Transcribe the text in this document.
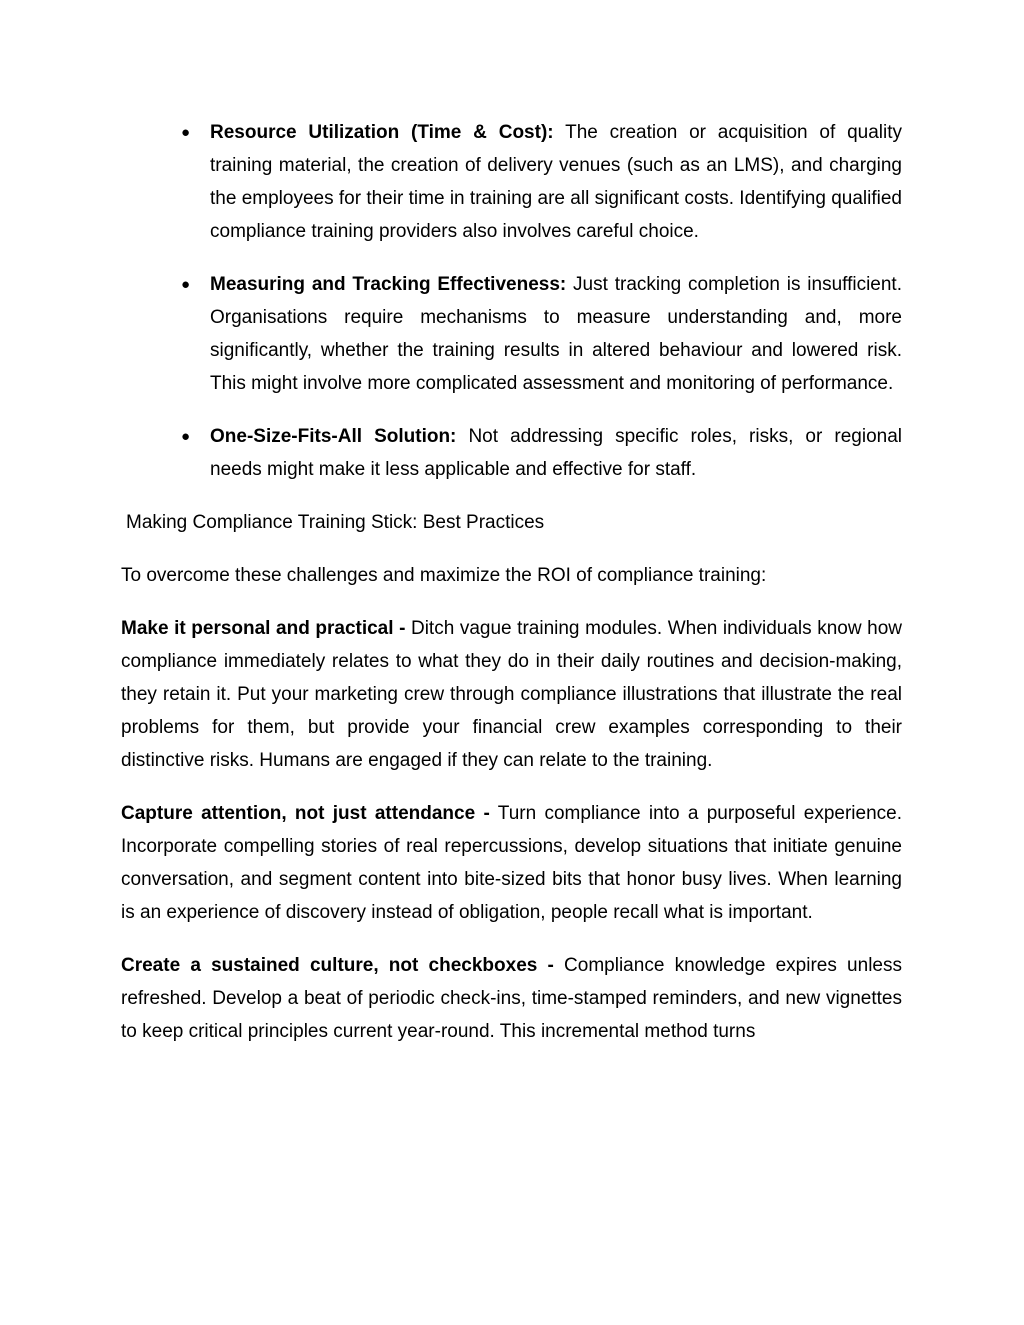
● Resource Utilization (Time & Cost): The creation or acquisition of quality training material, the creation of delivery venues (such as an LMS), and charging the employees for their time in training are all significant costs. Identifying qualified compliance training providers also involves careful choice.
● Measuring and Tracking Effectiveness: Just tracking completion is insufficient. Organisations require mechanisms to measure understanding and, more significantly, whether the training results in altered behaviour and lowered risk. This might involve more complicated assessment and monitoring of performance.
● One-Size-Fits-All Solution: Not addressing specific roles, risks, or regional needs might make it less applicable and effective for staff.

Making Compliance Training Stick: Best Practices

To overcome these challenges and maximize the ROI of compliance training:

Make it personal and practical - Ditch vague training modules. When individuals know how compliance immediately relates to what they do in their daily routines and decision-making, they retain it. Put your marketing crew through compliance illustrations that illustrate the real problems for them, but provide your financial crew examples corresponding to their distinctive risks. Humans are engaged if they can relate to the training.

Capture attention, not just attendance - Turn compliance into a purposeful experience. Incorporate compelling stories of real repercussions, develop situations that initiate genuine conversation, and segment content into bite-sized bits that honor busy lives. When learning is an experience of discovery instead of obligation, people recall what is important.

Create a sustained culture, not checkboxes - Compliance knowledge expires unless refreshed. Develop a beat of periodic check-ins, time-stamped reminders, and new vignettes to keep critical principles current year-round. This incremental method turns
